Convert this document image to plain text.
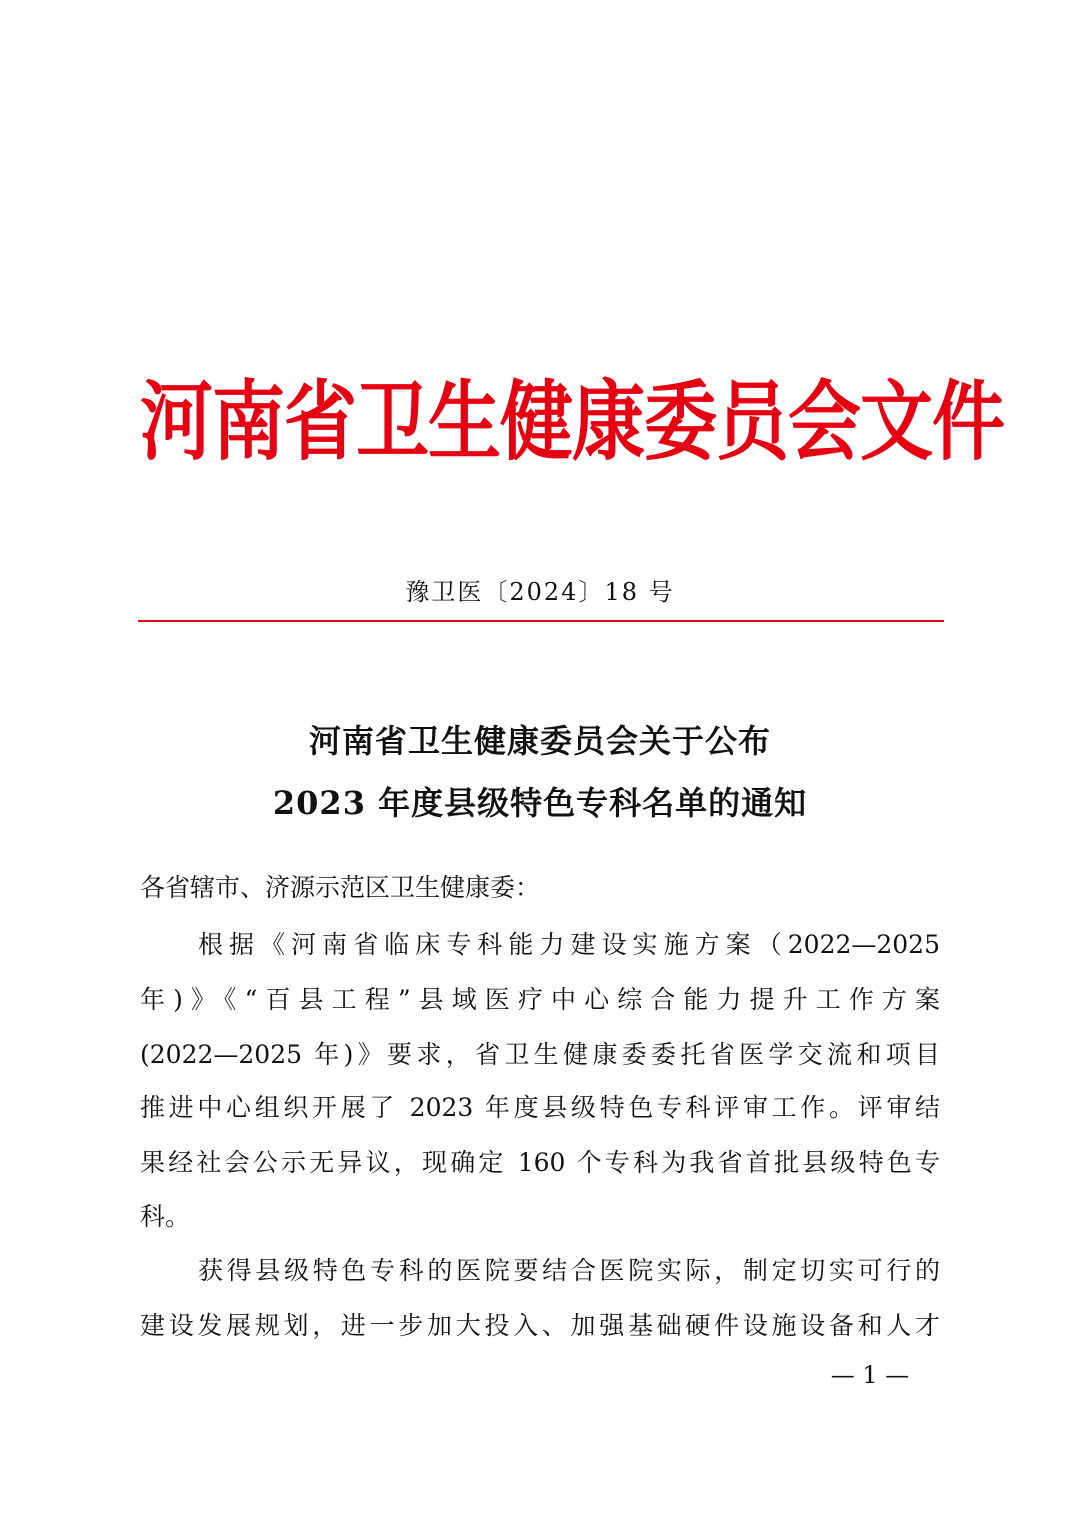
河南省卫生健康委员会文件
豫卫医〔2024〕18 号
河南省卫生健康委员会关于公布
2023 年度县级特色专科名单的通知
各省辖市、济源示范区卫生健康委：
根据《河南省临床专科能力建设实施方案（2022—2025
年)》《“百县工程”县域医疗中心综合能力提升工作方案
(2022—2025 年)》要求，省卫生健康委委托省医学交流和项目
推进中心组织开展了 2023 年度县级特色专科评审工作。评审结
果经社会公示无异议，现确定 160 个专科为我省首批县级特色专
科。
获得县级特色专科的医院要结合医院实际，制定切实可行的
建设发展规划，进一步加大投入、加强基础硬件设施设备和人才
— 1 —
